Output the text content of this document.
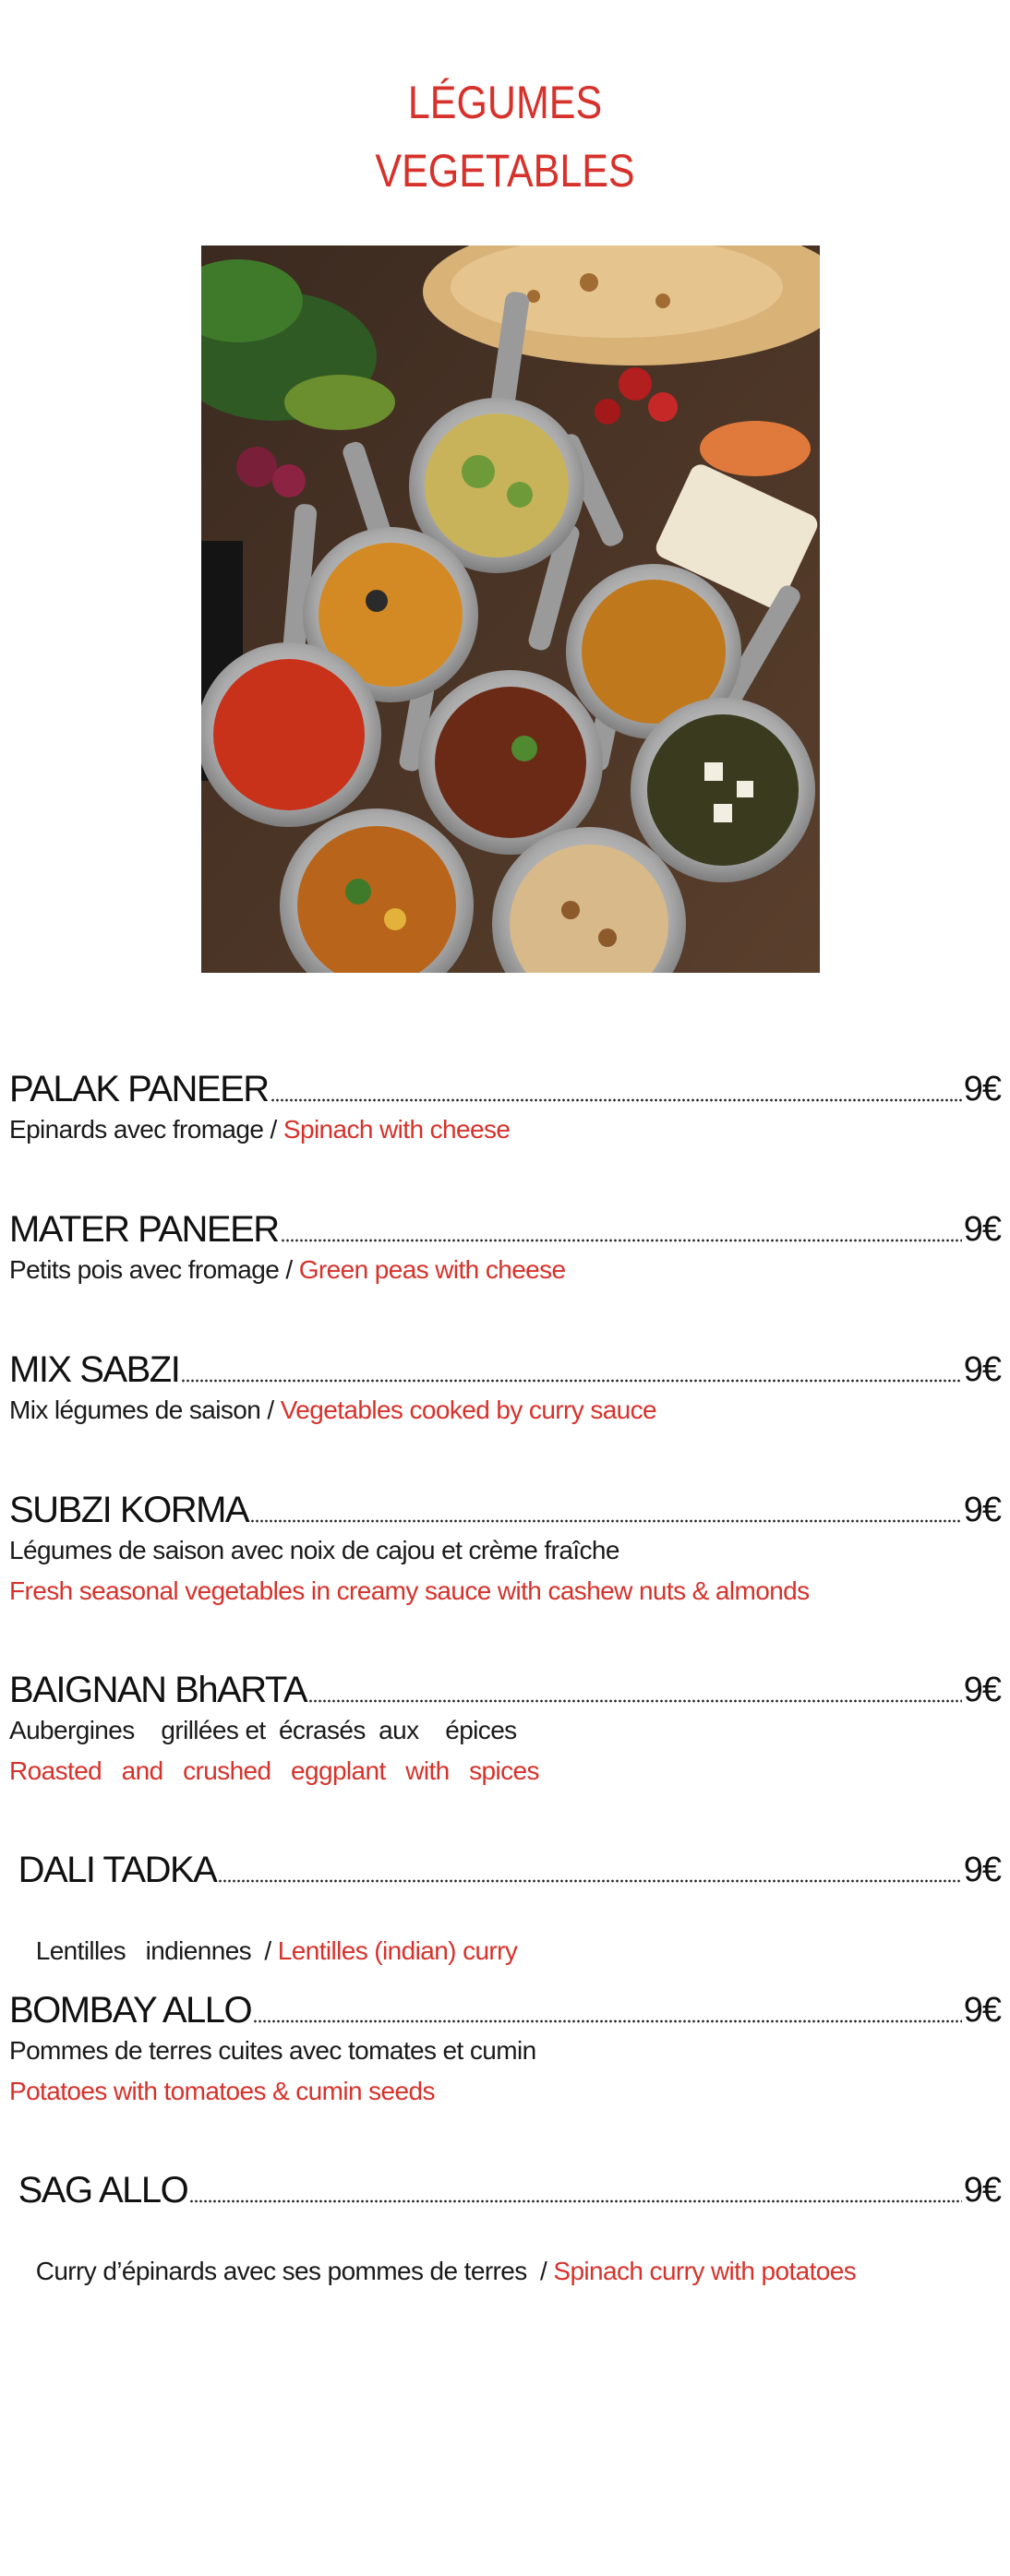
LÉGUMES
VEGETABLES
PALAK PANEER	9€
Epinards avec fromage / Spinach with cheese
MATER PANEER	9€
Petits pois avec fromage / Green peas with cheese
MIX SABZI	9€
Mix légumes de saison / Vegetables cooked by curry sauce
SUBZI KORMA	9€
Légumes de saison avec noix de cajou et crème fraîche
Fresh seasonal vegetables in creamy sauce with cashew nuts & almonds
BAIGNAN BhARTA	9€
Aubergines    grillées et  écrasés  aux    épices
Roasted   and   crushed   eggplant   with   spices
DALI TADKA	9€

Lentilles   indiennes  / Lentilles (indian) curry

BOMBAY ALLO	9€
Pommes de terres cuites avec tomates et cumin
Potatoes with tomatoes & cumin seeds
SAG ALLO	9€

Curry d’épinards avec ses pommes de terres  / Spinach curry with potatoes
